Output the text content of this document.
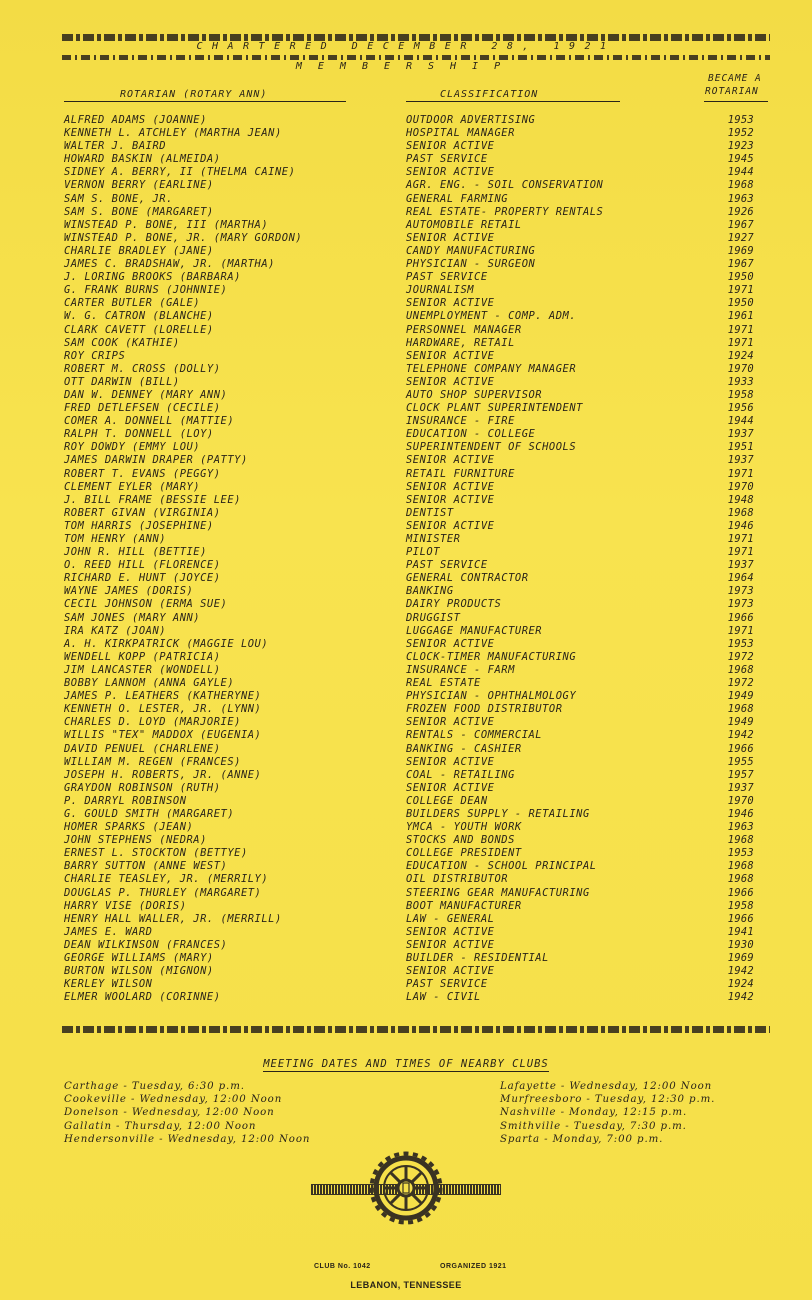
CHARTERED DECEMBER 28, 1921
MEMBERSHIP
ROTARIAN (ROTARY ANN)	CLASSIFICATION
BECAME A
ROTARIAN
ALFRED ADAMS (JOANNE)	OUTDOOR ADVERTISING	1953
KENNETH L. ATCHLEY (MARTHA JEAN)	HOSPITAL MANAGER	1952
WALTER J. BAIRD	SENIOR ACTIVE	1923
HOWARD BASKIN (ALMEIDA)	PAST SERVICE	1945
SIDNEY A. BERRY, II (THELMA CAINE)	SENIOR ACTIVE	1944
VERNON BERRY (EARLINE)	AGR. ENG. - SOIL CONSERVATION	1968
SAM S. BONE, JR.	GENERAL FARMING	1963
SAM S. BONE (MARGARET)	REAL ESTATE- PROPERTY RENTALS	1926
WINSTEAD P. BONE, III (MARTHA)	AUTOMOBILE RETAIL	1967
WINSTEAD P. BONE, JR. (MARY GORDON)	SENIOR ACTIVE	1927
CHARLIE BRADLEY (JANE)	CANDY MANUFACTURING	1969
JAMES C. BRADSHAW, JR. (MARTHA)	PHYSICIAN - SURGEON	1967
J. LORING BROOKS (BARBARA)	PAST SERVICE	1950
G. FRANK BURNS (JOHNNIE)	JOURNALISM	1971
CARTER BUTLER (GALE)	SENIOR ACTIVE	1950
W. G. CATRON (BLANCHE)	UNEMPLOYMENT - COMP. ADM.	1961
CLARK CAVETT (LORELLE)	PERSONNEL MANAGER	1971
SAM COOK (KATHIE)	HARDWARE, RETAIL	1971
ROY CRIPS	SENIOR ACTIVE	1924
ROBERT M. CROSS (DOLLY)	TELEPHONE COMPANY MANAGER	1970
OTT DARWIN (BILL)	SENIOR ACTIVE	1933
DAN W. DENNEY (MARY ANN)	AUTO SHOP SUPERVISOR	1958
FRED DETLEFSEN (CECILE)	CLOCK PLANT SUPERINTENDENT	1956
COMER A. DONNELL (MATTIE)	INSURANCE - FIRE	1944
RALPH T. DONNELL (LOY)	EDUCATION - COLLEGE	1937
ROY DOWDY (EMMY LOU)	SUPERINTENDENT OF SCHOOLS	1951
JAMES DARWIN DRAPER (PATTY)	SENIOR ACTIVE	1937
ROBERT T. EVANS (PEGGY)	RETAIL FURNITURE	1971
CLEMENT EYLER (MARY)	SENIOR ACTIVE	1970
J. BILL FRAME (BESSIE LEE)	SENIOR ACTIVE	1948
ROBERT GIVAN (VIRGINIA)	DENTIST	1968
TOM HARRIS (JOSEPHINE)	SENIOR ACTIVE	1946
TOM HENRY (ANN)	MINISTER	1971
JOHN R. HILL (BETTIE)	PILOT	1971
O. REED HILL (FLORENCE)	PAST SERVICE	1937
RICHARD E. HUNT (JOYCE)	GENERAL CONTRACTOR	1964
WAYNE JAMES (DORIS)	BANKING	1973
CECIL JOHNSON (ERMA SUE)	DAIRY PRODUCTS	1973
SAM JONES (MARY ANN)	DRUGGIST	1966
IRA KATZ (JOAN)	LUGGAGE MANUFACTURER	1971
A. H. KIRKPATRICK (MAGGIE LOU)	SENIOR ACTIVE	1953
WENDELL KOPP (PATRICIA)	CLOCK-TIMER MANUFACTURING	1972
JIM LANCASTER (WONDELL)	INSURANCE - FARM	1968
BOBBY LANNOM (ANNA GAYLE)	REAL ESTATE	1972
JAMES P. LEATHERS (KATHERYNE)	PHYSICIAN - OPHTHALMOLOGY	1949
KENNETH O. LESTER, JR. (LYNN)	FROZEN FOOD DISTRIBUTOR	1968
CHARLES D. LOYD (MARJORIE)	SENIOR ACTIVE	1949
WILLIS "TEX" MADDOX (EUGENIA)	RENTALS - COMMERCIAL	1942
DAVID PENUEL (CHARLENE)	BANKING - CASHIER	1966
WILLIAM M. REGEN (FRANCES)	SENIOR ACTIVE	1955
JOSEPH H. ROBERTS, JR. (ANNE)	COAL - RETAILING	1957
GRAYDON ROBINSON (RUTH)	SENIOR ACTIVE	1937
P. DARRYL ROBINSON	COLLEGE DEAN	1970
G. GOULD SMITH (MARGARET)	BUILDERS SUPPLY - RETAILING	1946
HOMER SPARKS (JEAN)	YMCA - YOUTH WORK	1963
JOHN STEPHENS (NEDRA)	STOCKS AND BONDS	1968
ERNEST L. STOCKTON (BETTYE)	COLLEGE PRESIDENT	1953
BARRY SUTTON (ANNE WEST)	EDUCATION - SCHOOL PRINCIPAL	1968
CHARLIE TEASLEY, JR. (MERRILY)	OIL DISTRIBUTOR	1968
DOUGLAS P. THURLEY (MARGARET)	STEERING GEAR MANUFACTURING	1966
HARRY VISE (DORIS)	BOOT MANUFACTURER	1958
HENRY HALL WALLER, JR. (MERRILL)	LAW - GENERAL	1966
JAMES E. WARD	SENIOR ACTIVE	1941
DEAN WILKINSON (FRANCES)	SENIOR ACTIVE	1930
GEORGE WILLIAMS (MARY)	BUILDER - RESIDENTIAL	1969
BURTON WILSON (MIGNON)	SENIOR ACTIVE	1942
KERLEY WILSON	PAST SERVICE	1924
ELMER WOOLARD (CORINNE)	LAW - CIVIL	1942
MEETING DATES AND TIMES OF NEARBY CLUBS
Carthage - Tuesday, 6:30 p.m.
Cookeville - Wednesday, 12:00 Noon
Donelson - Wednesday, 12:00 Noon
Gallatin - Thursday, 12:00 Noon
Hendersonville - Wednesday, 12:00 Noon
Lafayette - Wednesday, 12:00 Noon
Murfreesboro - Tuesday, 12:30 p.m.
Nashville - Monday, 12:15 p.m.
Smithville - Tuesday, 7:30 p.m.
Sparta - Monday, 7:00 p.m.
CLUB No. 1042	ORGANIZED 1921
LEBANON, TENNESSEE
